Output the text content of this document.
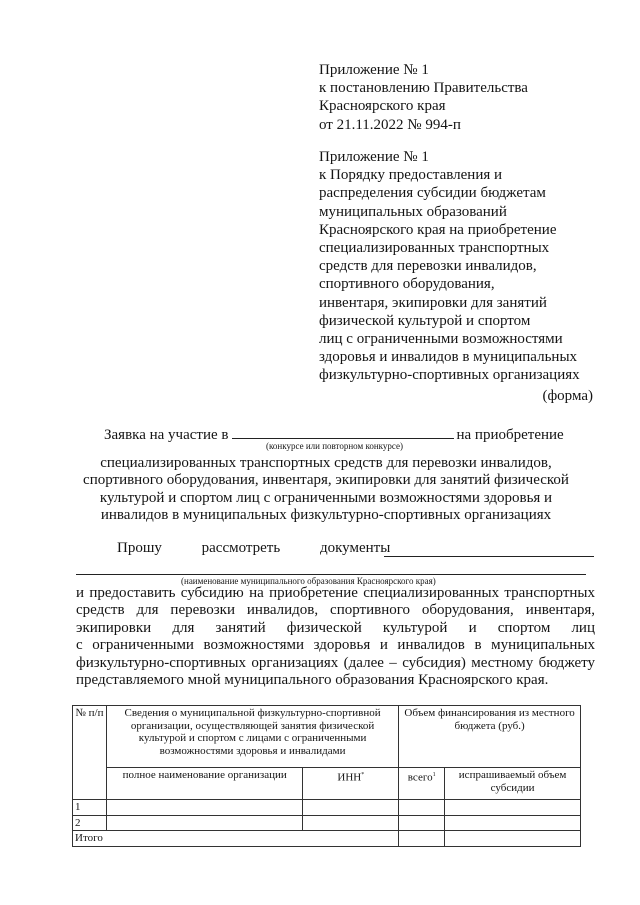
Приложение № 1
к постановлению Правительства
Красноярского края
от 21.11.2022 № 994-п
Приложение № 1
к Порядку предоставления и
распределения субсидии бюджетам
муниципальных образований
Красноярского края на приобретение
специализированных транспортных
средств для перевозки инвалидов,
спортивного оборудования,
инвентаря, экипировки для занятий
физической культурой и спортом
лиц с ограниченными возможностями
здоровья и инвалидов в муниципальных
физкультурно-спортивных организациях
(форма)
Заявка на участие в	на приобретение
(конкурсе или повторном конкурсе)
специализированных транспортных средств для перевозки инвалидов,
спортивного оборудования, инвентаря, экипировки для занятий физической
культурой и спортом лиц с ограниченными возможностями здоровья и
инвалидов в муниципальных физкультурно-спортивных организациях
Прошу	рассмотреть	документы
(наименование муниципального образования Красноярского края)
и предоставить субсидию на приобретение специализированных транспортных
средств для перевозки инвалидов, спортивного оборудования, инвентаря,
экипировки для занятий физической культурой и спортом лиц
с ограниченными возможностями здоровья и инвалидов в муниципальных
физкультурно-спортивных организациях (далее – субсидия) местному бюджету
представляемого мной муниципального образования Красноярского края.
№ п/п	Сведения о муниципальной физкультурно-спортивной организации, осуществляющей занятия физической культурой и спортом с лицами с ограниченными возможностями здоровья и инвалидами		Объем финансирования из местного бюджета (руб.)	
	полное наименование организации	ИНН*	всего$^1$	испрашиваемый объем субсидии
1				
2				
Итого				
